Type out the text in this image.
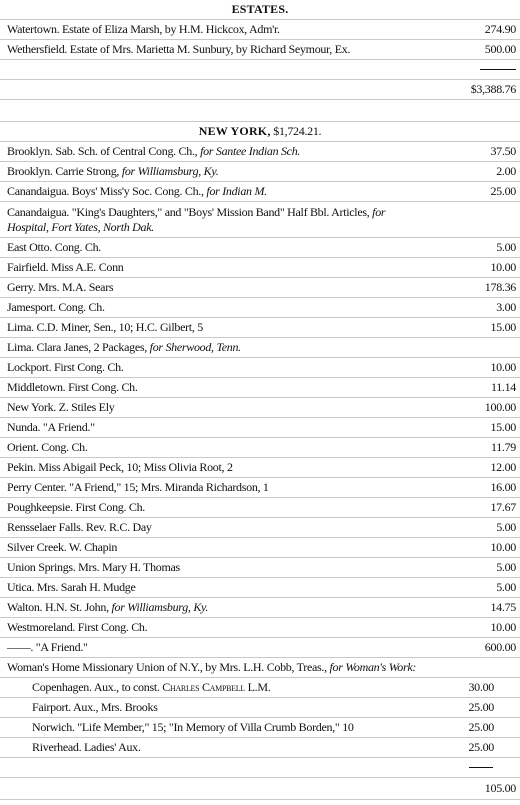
ESTATES.
Watertown. Estate of Eliza Marsh, by H.M. Hickcox, Adm'r.	274.90
Wethersfield. Estate of Mrs. Marietta M. Sunbury, by Richard Seymour, Ex.	500.00
$3,388.76
NEW YORK, $1,724.21.
Brooklyn. Sab. Sch. of Central Cong. Ch., for Santee Indian Sch.	37.50
Brooklyn. Carrie Strong, for Williamsburg, Ky.	2.00
Canandaigua. Boys' Miss'y Soc. Cong. Ch., for Indian M.	25.00
Canandaigua. "King's Daughters," and "Boys' Mission Band" Half Bbl. Articles, for Hospital, Fort Yates, North Dak.
East Otto. Cong. Ch.	5.00
Fairfield. Miss A.E. Conn	10.00
Gerry. Mrs. M.A. Sears	178.36
Jamesport. Cong. Ch.	3.00
Lima. C.D. Miner, Sen., 10; H.C. Gilbert, 5	15.00
Lima. Clara Janes, 2 Packages, for Sherwood, Tenn.
Lockport. First Cong. Ch.	10.00
Middletown. First Cong. Ch.	11.14
New York. Z. Stiles Ely	100.00
Nunda. "A Friend."	15.00
Orient. Cong. Ch.	11.79
Pekin. Miss Abigail Peck, 10; Miss Olivia Root, 2	12.00
Perry Center. "A Friend," 15; Mrs. Miranda Richardson, 1	16.00
Poughkeepsie. First Cong. Ch.	17.67
Rensselaer Falls. Rev. R.C. Day	5.00
Silver Creek. W. Chapin	10.00
Union Springs. Mrs. Mary H. Thomas	5.00
Utica. Mrs. Sarah H. Mudge	5.00
Walton. H.N. St. John, for Williamsburg, Ky.	14.75
Westmoreland. First Cong. Ch.	10.00
——. "A Friend."	600.00
Woman's Home Missionary Union of N.Y., by Mrs. L.H. Cobb, Treas., for Woman's Work:
Copenhagen. Aux., to const. Charles Campbell L.M.	30.00
Fairport. Aux., Mrs. Brooks	25.00
Norwich. "Life Member," 15; "In Memory of Villa Crumb Borden," 10	25.00
Riverhead. Ladies' Aux.	25.00
105.00
